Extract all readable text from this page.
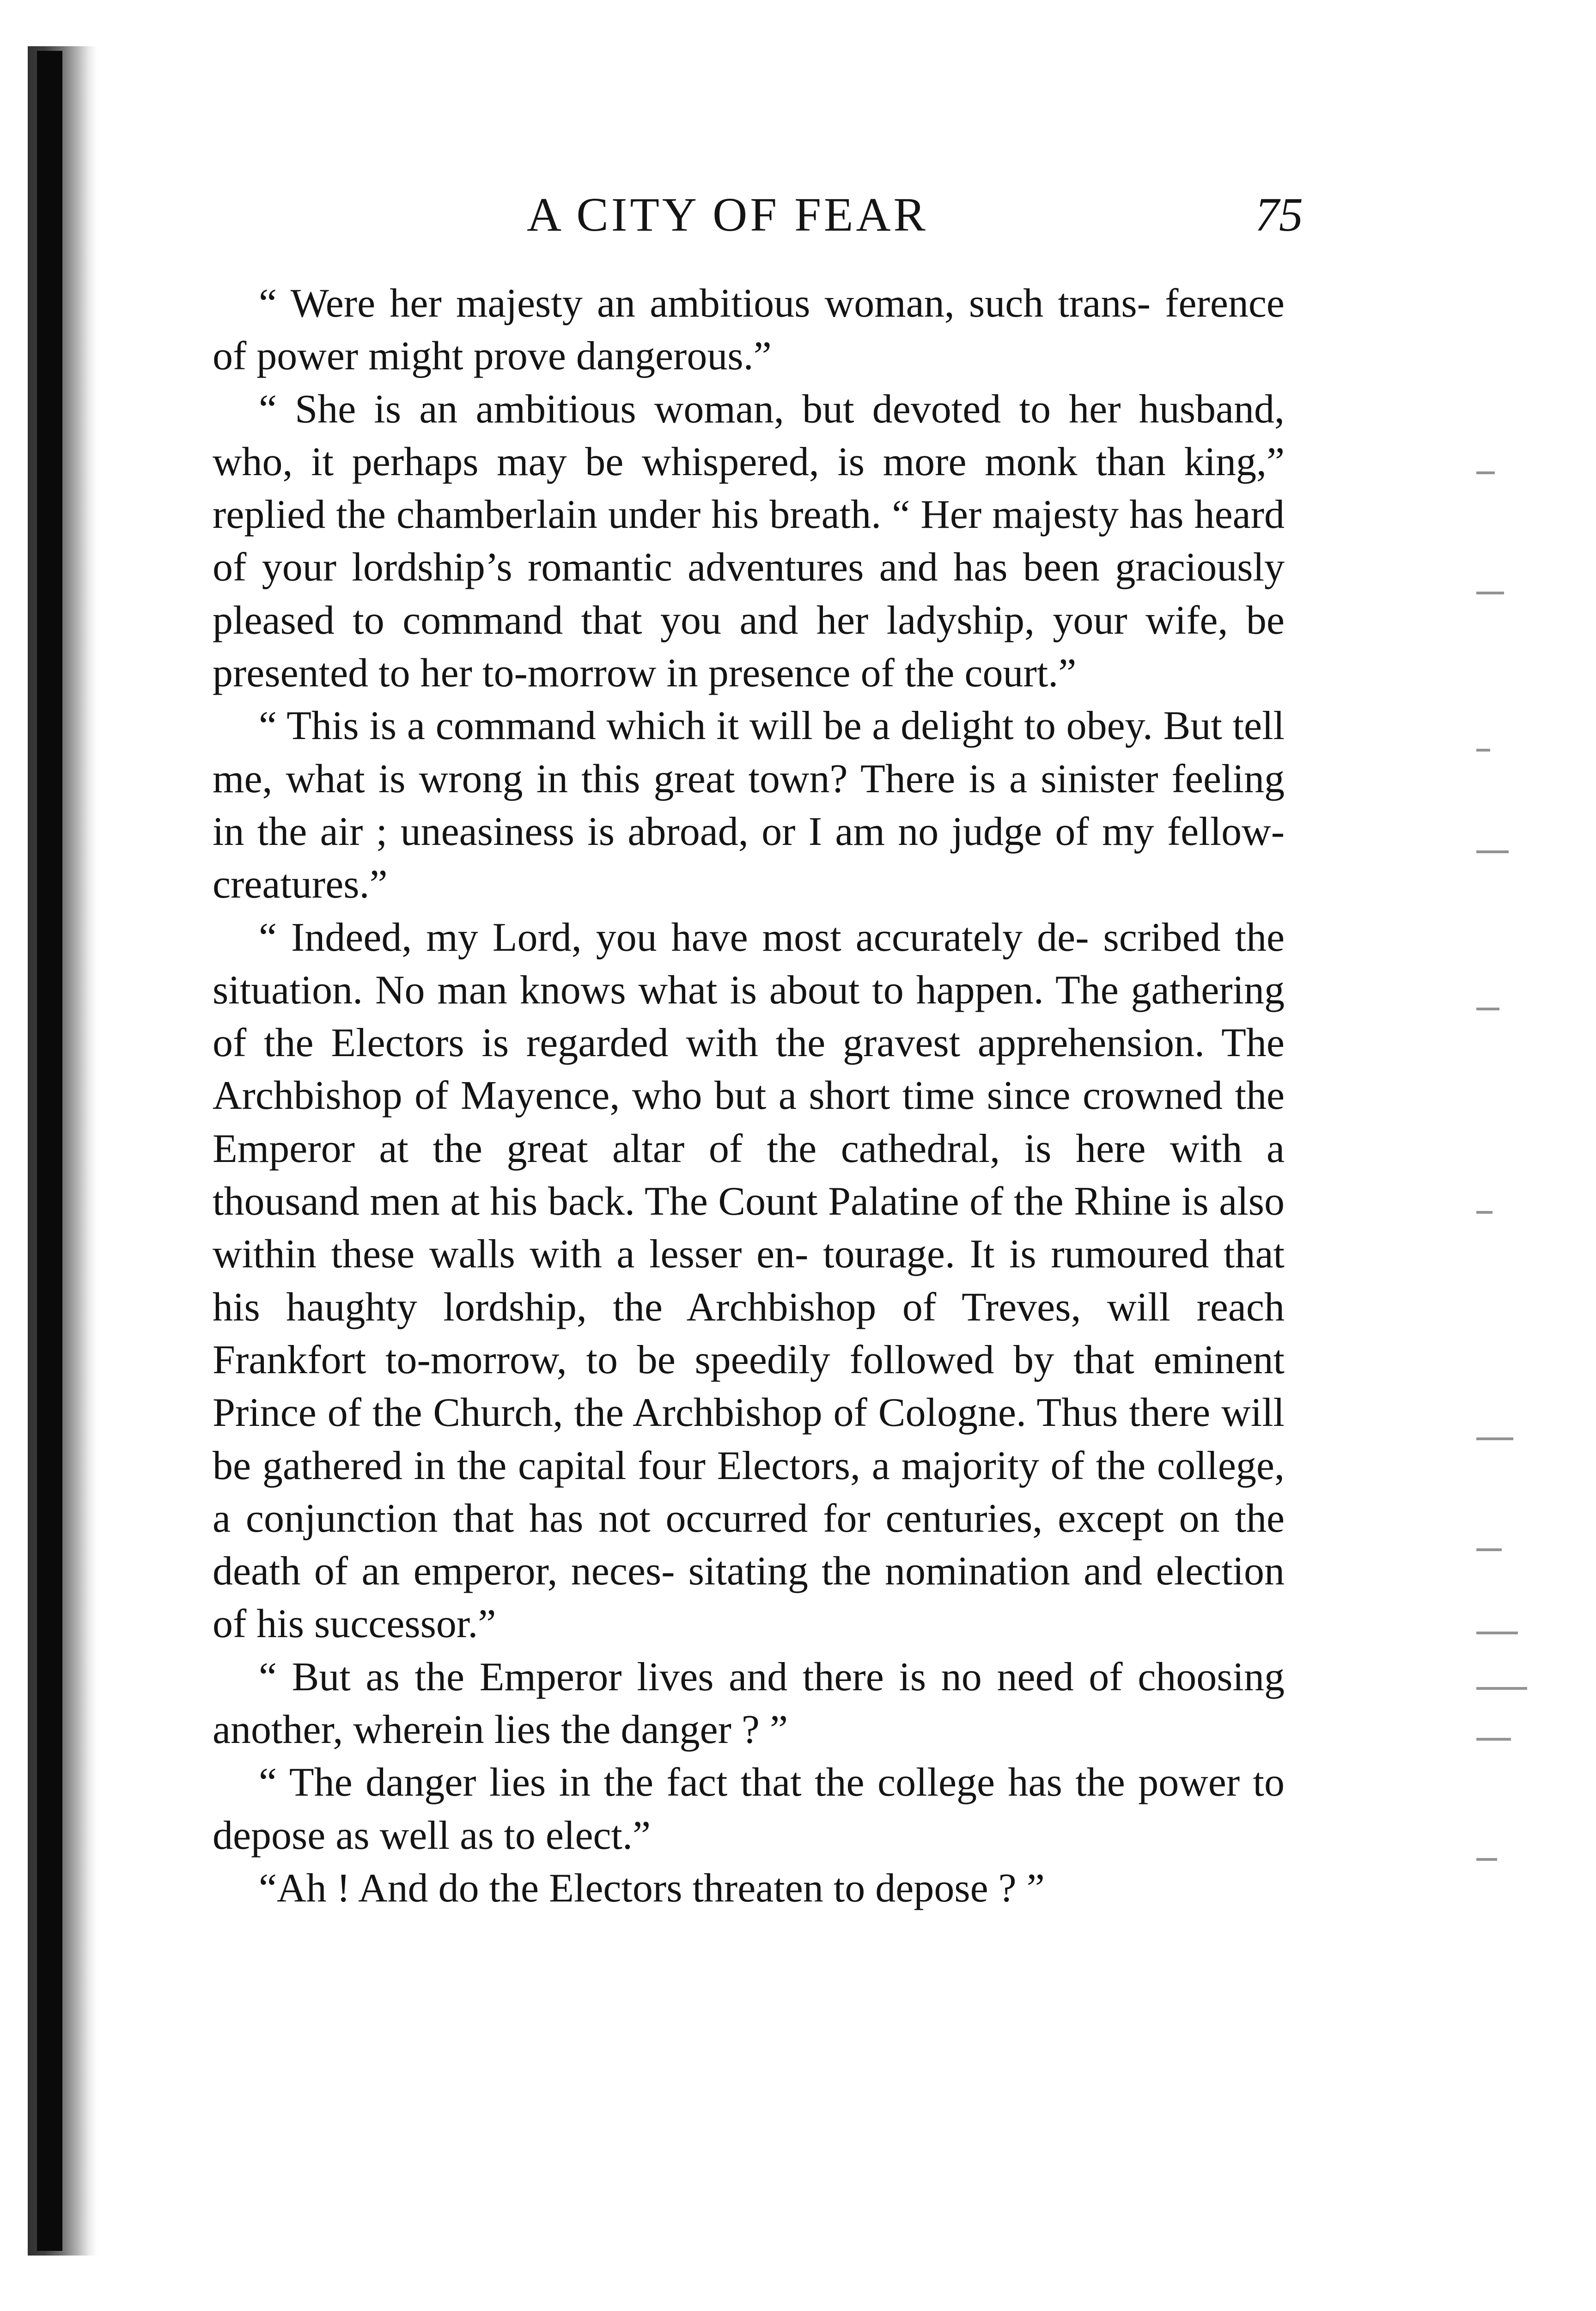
A CITY OF FEAR	75

“ Were her majesty an ambitious woman, such trans- ference of power might prove dangerous.”

“ She is an ambitious woman, but devoted to her husband, who, it perhaps may be whispered, is more monk than king,” replied the chamberlain under his breath. “ Her majesty has heard of your lordship’s romantic adventures and has been graciously pleased to command that you and her ladyship, your wife, be presented to her to-morrow in presence of the court.”

“ This is a command which it will be a delight to obey. But tell me, what is wrong in this great town? There is a sinister feeling in the air ; uneasiness is abroad, or I am no judge of my fellow-creatures.”

“ Indeed, my Lord, you have most accurately de- scribed the situation. No man knows what is about to happen. The gathering of the Electors is regarded with the gravest apprehension. The Archbishop of Mayence, who but a short time since crowned the Emperor at the great altar of the cathedral, is here with a thousand men at his back. The Count Palatine of the Rhine is also within these walls with a lesser en- tourage. It is rumoured that his haughty lordship, the Archbishop of Treves, will reach Frankfort to-morrow, to be speedily followed by that eminent Prince of the Church, the Archbishop of Cologne. Thus there will be gathered in the capital four Electors, a majority of the college, a conjunction that has not occurred for centuries, except on the death of an emperor, neces- sitating the nomination and election of his successor.”

“ But as the Emperor lives and there is no need of choosing another, wherein lies the danger ? ”

“ The danger lies in the fact that the college has the power to depose as well as to elect.”

“Ah ! And do the Electors threaten to depose ? ”
